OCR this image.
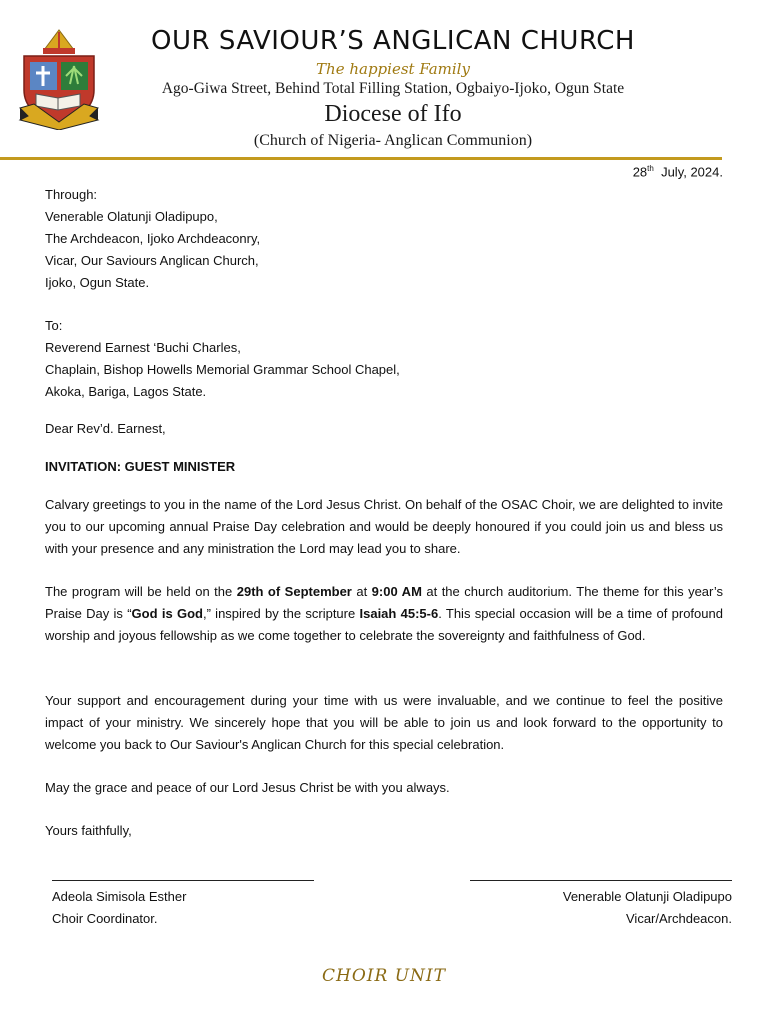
OUR SAVIOUR’S ANGLICAN CHURCH
The happiest Family
Ago-Giwa Street, Behind Total Filling Station, Ogbaiyo-Ijoko, Ogun State
Diocese of Ifo
(Church of Nigeria- Anglican Communion)
28th July, 2024.
Through:
Venerable Olatunji Oladipupo,
The Archdeacon, Ijoko Archdeaconry,
Vicar, Our Saviours Anglican Church,
Ijoko, Ogun State.
To:
Reverend Earnest ‘Buchi Charles,
Chaplain, Bishop Howells Memorial Grammar School Chapel,
Akoka, Bariga, Lagos State.
Dear Rev’d. Earnest,
INVITATION: GUEST MINISTER
Calvary greetings to you in the name of the Lord Jesus Christ. On behalf of the OSAC Choir, we are delighted to invite you to our upcoming annual Praise Day celebration and would be deeply honoured if you could join us and bless us with your presence and any ministration the Lord may lead you to share.
The program will be held on the 29th of September at 9:00 AM at the church auditorium. The theme for this year’s Praise Day is “God is God,” inspired by the scripture Isaiah 45:5-6. This special occasion will be a time of profound worship and joyous fellowship as we come together to celebrate the sovereignty and faithfulness of God.
Your support and encouragement during your time with us were invaluable, and we continue to feel the positive impact of your ministry. We sincerely hope that you will be able to join us and look forward to the opportunity to welcome you back to Our Saviour's Anglican Church for this special celebration.
May the grace and peace of our Lord Jesus Christ be with you always.
Yours faithfully,
Adeola Simisola Esther
Choir Coordinator.
Venerable Olatunji Oladipupo
Vicar/Archdeacon.
CHOIR UNIT
